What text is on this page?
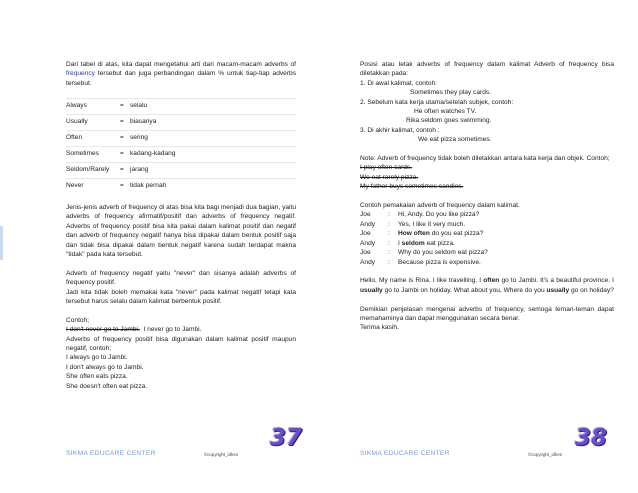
Dari tabel di atas, kita dapat mengetahui arti dari macam-macam adverbs of frequency tersebut dan juga perbandingan dalam % untuk tiap-tiap adverbs tersebut.

Always	=	selalu
Usually	=	biasanya
Often	=	sering
Sometimes	=	kadang-kadang
Seldom/Rarely	=	jarang
Never	=	tidak pernah

Jenis-jenis adverb of frequency di atas bisa kita bagi menjadi dua bagian, yaitu adverbs of frequency afirmatif/positif dan adverbs of frequency negatif. Adverbs of frequency positif bisa kita pakai dalam kalimat positif dan negatif dan adverb of frequency negatif hanya bisa dipakai dalam bentuk positif saja dan tidak bisa dipakai dalam bentuk negatif karena sudah terdapat makna "tidak" pada kata tersebut.

Adverb of frequency negatif yaitu "never" dan sisanya adalah adverbs of frequency positif.

Jadi kita tidak boleh memakai kata "never" pada kalimat negatif tetapi kata tersebut harus selalu dalam kalimat berbentuk positif.

Contoh;

I don't never go to Jambi. I never go to Jambi.

Adverbs of frequency positif bisa digunakan dalam kalimat positif maupun negatif, contoh;

I always go to Jambi.

I don't always go to Jambi.

She often eats pizza.

She doesn't often eat pizza.

SIKMA EDUCARE CENTER	©copyright_idhen
37

Posisi atau letak adverbs of frequency dalam kalimat Adverb of frequency bisa diletakkan pada:

1. Di awal kalimat, contoh:

Sometimes they play cards.

2. Sebelum kata kerja utama/setelah subjek, contoh:

He often watches TV.

Rika seldom goes swimming.

3. Di akhir kalimat, contoh :

We eat pizza sometimes.

Note: Adverb of frequency tidak boleh diletakkan antara kata kerja dan objek. Contoh;

I play often cards.

We eat rarely pizza.

My father buys sometimes candies.

Contoh pemakaian adverb of frequency dalam kalimat.

Joe	:	Hi, Andy. Do you like pizza?
Andy	:	Yes, I like it very much.
Joe	:	How often do you eat pizza?
Andy	:	I seldom eat pizza.
Joe	:	Why do you seldom eat pizza?
Andy	:	Because pizza is expensive.

Hello, My name is Rina. I like travelling. I often go to Jambi. It's a beautiful province. I usually go to Jambi on holiday. What about you, Where do you usually go on holiday?

Demikian penjelasan mengenai adverbs of frequency, semoga teman-teman dapat memahaminya dan dapat menggunakan secara benar.

Terima kasih.

SIKMA EDUCARE CENTER	©copyright_idhen
38
